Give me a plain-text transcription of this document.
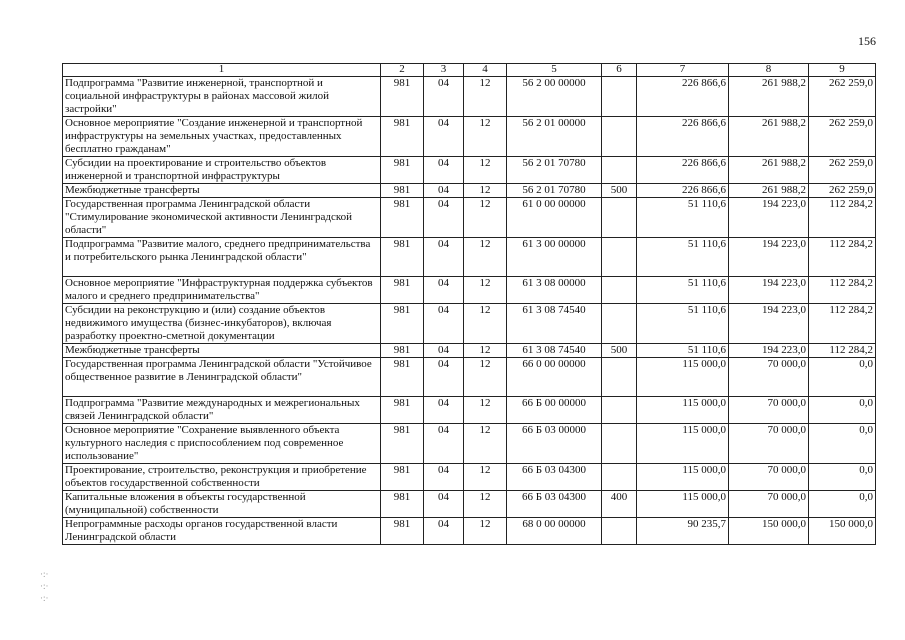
156
1	2	3	4	5	6	7	8	9
Подпрограмма "Развитие инженерной, транспортной и социальной инфраструктуры в районах массовой жилой застройки"	981	04	12	56 2 00 00000		226 866,6	261 988,2	262 259,0
Основное мероприятие "Создание инженерной и транспортной инфраструктуры на земельных участках, предоставленных бесплатно гражданам"	981	04	12	56 2 01 00000		226 866,6	261 988,2	262 259,0
Субсидии на проектирование и строительство объектов инженерной и транспортной инфраструктуры	981	04	12	56 2 01 70780		226 866,6	261 988,2	262 259,0
Межбюджетные трансферты	981	04	12	56 2 01 70780	500	226 866,6	261 988,2	262 259,0
Государственная программа Ленинградской области "Стимулирование экономической активности Ленинградской области"	981	04	12	61 0 00 00000		51 110,6	194 223,0	112 284,2
Подпрограмма "Развитие малого, среднего предпринимательства и потребительского рынка Ленинградской области"	981	04	12	61 3 00 00000		51 110,6	194 223,0	112 284,2
Основное мероприятие "Инфраструктурная поддержка субъектов малого и среднего предпринимательства"	981	04	12	61 3 08 00000		51 110,6	194 223,0	112 284,2
Субсидии на реконструкцию и (или) создание объектов недвижимого имущества (бизнес-инкубаторов), включая разработку проектно-сметной документации	981	04	12	61 3 08 74540		51 110,6	194 223,0	112 284,2
Межбюджетные трансферты	981	04	12	61 3 08 74540	500	51 110,6	194 223,0	112 284,2
Государственная программа Ленинградской области "Устойчивое общественное развитие в Ленинградской области"	981	04	12	66 0 00 00000		115 000,0	70 000,0	0,0
Подпрограмма "Развитие международных и межрегиональных связей Ленинградской области"	981	04	12	66 Б 00 00000		115 000,0	70 000,0	0,0
Основное мероприятие "Сохранение выявленного объекта культурного наследия с приспособлением под современное использование"	981	04	12	66 Б 03 00000		115 000,0	70 000,0	0,0
Проектирование, строительство, реконструкция и приобретение объектов государственной собственности	981	04	12	66 Б 03 04300		115 000,0	70 000,0	0,0
Капитальные вложения в объекты государственной (муниципальной) собственности	981	04	12	66 Б 03 04300	400	115 000,0	70 000,0	0,0
Непрограммные расходы органов государственной власти Ленинградской области	981	04	12	68 0 00 00000		90 235,7	150 000,0	150 000,0
·:·
·:·
·:·
